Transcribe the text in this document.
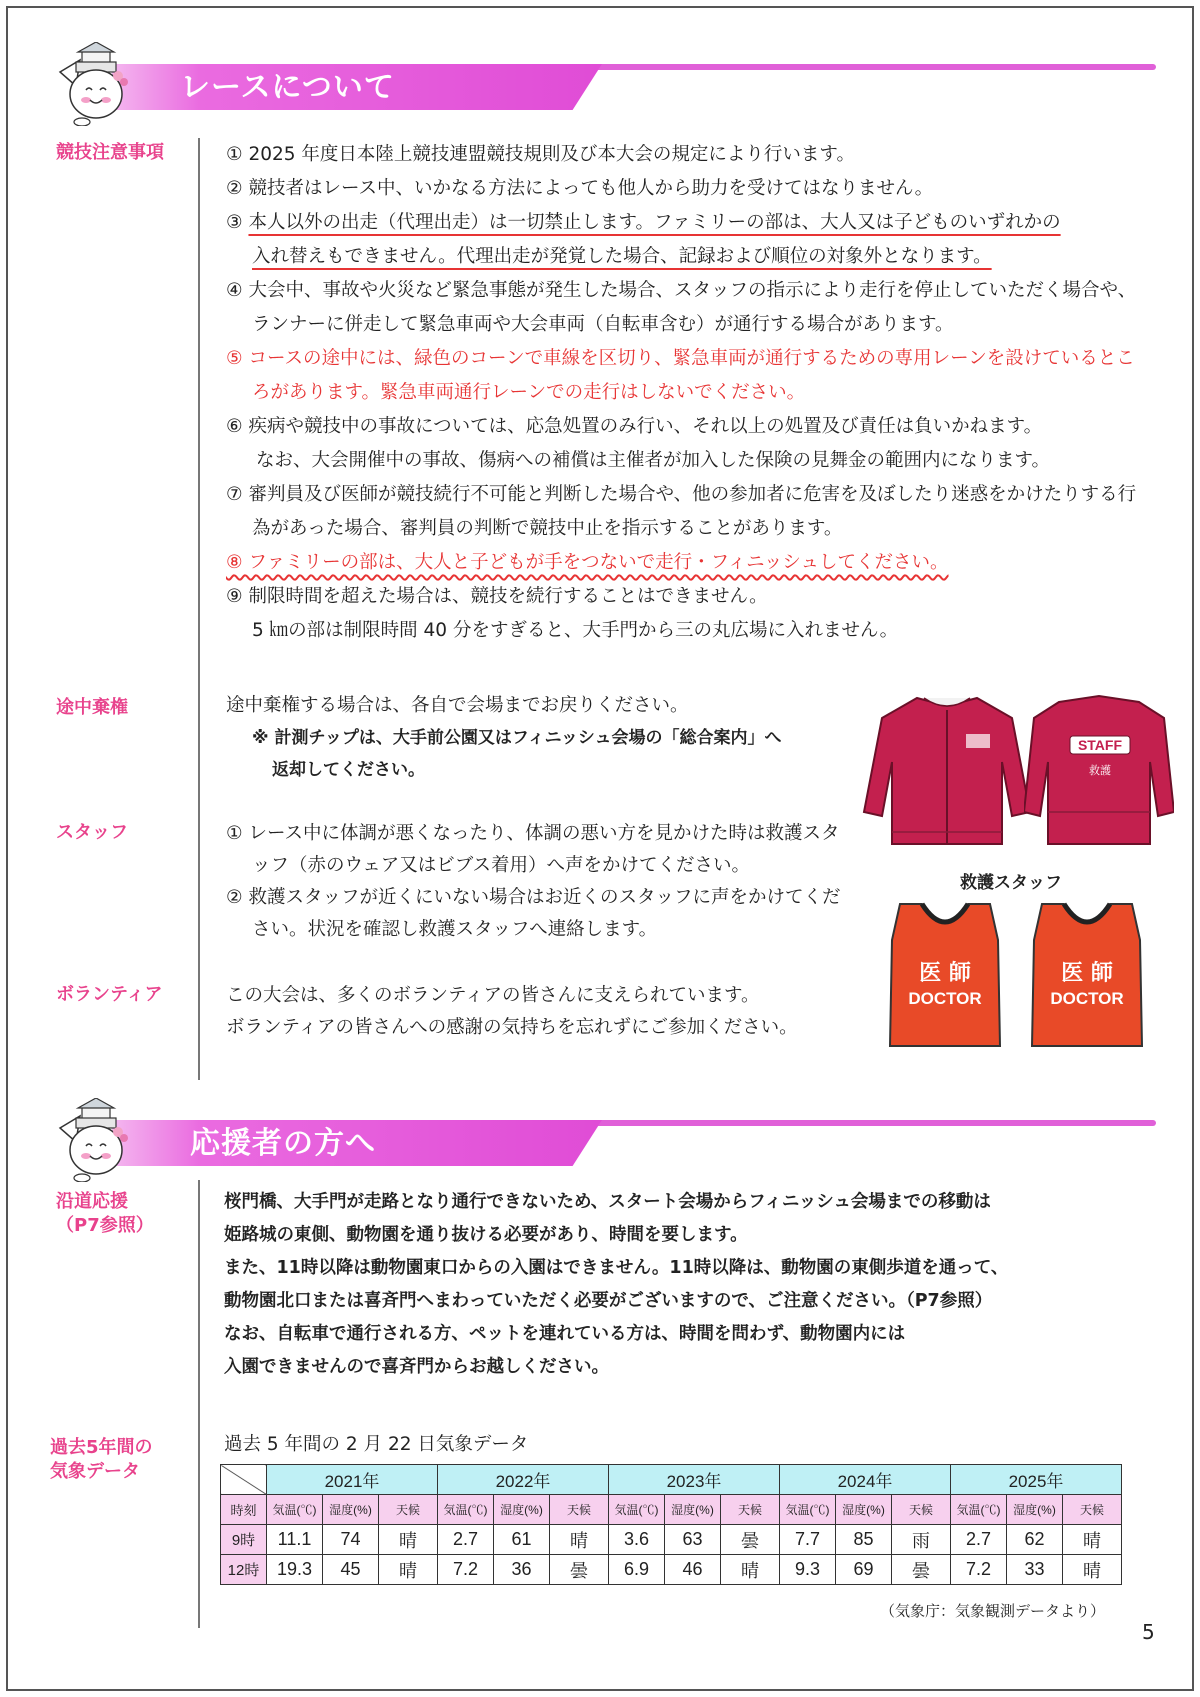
レースについて
競技注意事項
途中棄権
スタッフ
ボランティア
① 2025 年度日本陸上競技連盟競技規則及び本大会の規定により行います。
② 競技者はレース中、いかなる方法によっても他人から助力を受けてはなりません。
③ 本人以外の出走（代理出走）は一切禁止します。ファミリーの部は、大人又は子どものいずれかの
入れ替えもできません。代理出走が発覚した場合、記録および順位の対象外となります。
④ 大会中、事故や火災など緊急事態が発生した場合、スタッフの指示により走行を停止していただく場合や、ランナーに併走して緊急車両や大会車両（自転車含む）が通行する場合があります。
⑤ コースの途中には、緑色のコーンで車線を区切り、緊急車両が通行するための専用レーンを設けているところがあります。緊急車両通行レーンでの走行はしないでください。
⑥ 疾病や競技中の事故については、応急処置のみ行い、それ以上の処置及び責任は負いかねます。
なお、大会開催中の事故、傷病への補償は主催者が加入した保険の見舞金の範囲内になります。
⑦ 審判員及び医師が競技続行不可能と判断した場合や、他の参加者に危害を及ぼしたり迷惑をかけたりする行為があった場合、審判員の判断で競技中止を指示することがあります。
⑧ ファミリーの部は、大人と子どもが手をつないで走行・フィニッシュしてください。
⑨ 制限時間を超えた場合は、競技を続行することはできません。
5 ㎞の部は制限時間 40 分をすぎると、大手門から三の丸広場に入れません。
途中棄権する場合は、各自で会場までお戻りください。
※ 計測チップは、大手前公園又はフィニッシュ会場の「総合案内」へ
返却してください。
① レース中に体調が悪くなったり、体調の悪い方を見かけた時は救護スタッフ（赤のウェア又はビブス着用）へ声をかけてください。
② 救護スタッフが近くにいない場合はお近くのスタッフに声をかけてください。状況を確認し救護スタッフへ連絡します。
この大会は、多くのボランティアの皆さんに支えられています。
ボランティアの皆さんへの感謝の気持ちを忘れずにご参加ください。
STAFF
救護
救護スタッフ
医 師
DOCTOR
医 師
DOCTOR
応援者の方へ
沿道応援
（P7参照）
過去5年間の
気象データ
桜門橋、大手門が走路となり通行できないため、スタート会場からフィニッシュ会場までの移動は
姫路城の東側、動物園を通り抜ける必要があり、時間を要します。
また、11時以降は動物園東口からの入園はできません。11時以降は、動物園の東側歩道を通って、
動物園北口または喜斉門へまわっていただく必要がございますので、ご注意ください。（P7参照）
なお、自転車で通行される方、ペットを連れている方は、時間を問わず、動物園内には
入園できませんので喜斉門からお越しください。
過去 5 年間の 2 月 22 日気象データ
	2021年			2022年			2023年			2024年			2025年		
時刻	気温(℃)	湿度(%)	天候	気温(℃)	湿度(%)	天候	気温(℃)	湿度(%)	天候	気温(℃)	湿度(%)	天候	気温(℃)	湿度(%)	天候
9時	11.1	74	晴	2.7	61	晴	3.6	63	曇	7.7	85	雨	2.7	62	晴
12時	19.3	45	晴	7.2	36	曇	6.9	46	晴	9.3	69	曇	7.2	33	晴
（気象庁：気象観測データより）
5
